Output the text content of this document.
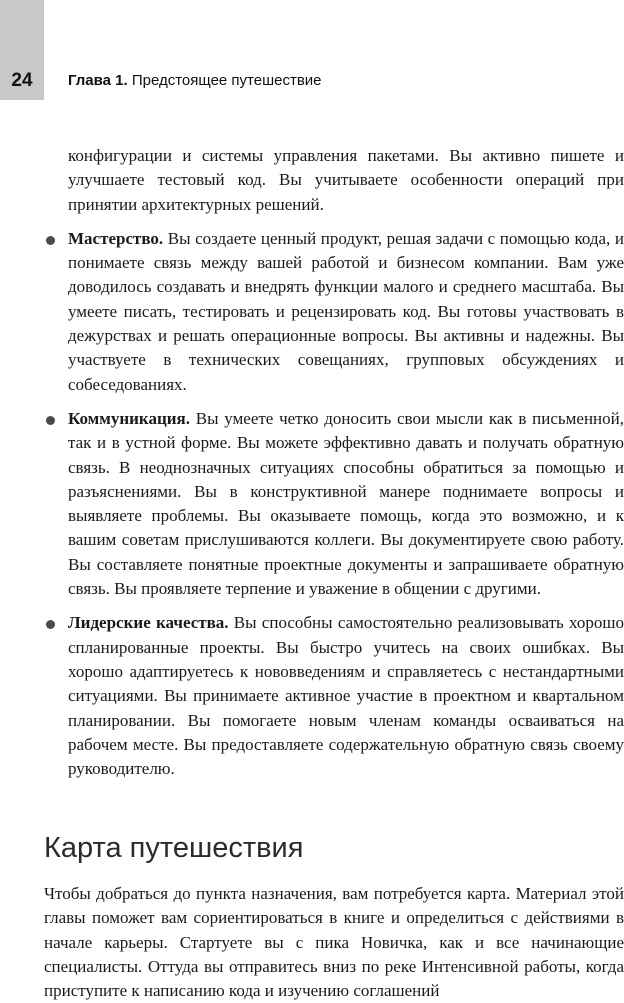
24	Глава 1. Предстоящее путешествие

конфигурации и системы управления пакетами. Вы активно пишете и улучшаете тестовый код. Вы учитываете особенности операций при принятии архитектурных решений.

Мастерство. Вы создаете ценный продукт, решая задачи с помощью кода, и понимаете связь между вашей работой и бизнесом компании. Вам уже доводилось создавать и внедрять функции малого и среднего масштаба. Вы умеете писать, тестировать и рецензировать код. Вы готовы участвовать в дежурствах и решать операционные вопросы. Вы активны и надежны. Вы участвуете в технических совещаниях, групповых обсуждениях и собеседованиях.

Коммуникация. Вы умеете четко доносить свои мысли как в письменной, так и в устной форме. Вы можете эффективно давать и получать обратную связь. В неоднозначных ситуациях способны обратиться за помощью и разъяснениями. Вы в конструктивной манере поднимаете вопросы и выявляете проблемы. Вы оказываете помощь, когда это возможно, и к вашим советам прислушиваются коллеги. Вы документируете свою работу. Вы составляете понятные проектные документы и запрашиваете обратную связь. Вы проявляете терпение и уважение в общении с другими.

Лидерские качества. Вы способны самостоятельно реализовывать хорошо спланированные проекты. Вы быстро учитесь на своих ошибках. Вы хорошо адаптируетесь к нововведениям и справляетесь с нестандартными ситуациями. Вы принимаете активное участие в проектном и квартальном планировании. Вы помогаете новым членам команды осваиваться на рабочем месте. Вы предоставляете содержательную обратную связь своему руководителю.

Карта путешествия

Чтобы добраться до пункта назначения, вам потребуется карта. Материал этой главы поможет вам сориентироваться в книге и определиться с действиями в начале карьеры. Стартуете вы с пика Новичка, как и все начинающие специалисты. Оттуда вы отправитесь вниз по реке Интенсивной работы, когда приступите к написанию кода и изучению соглашений
